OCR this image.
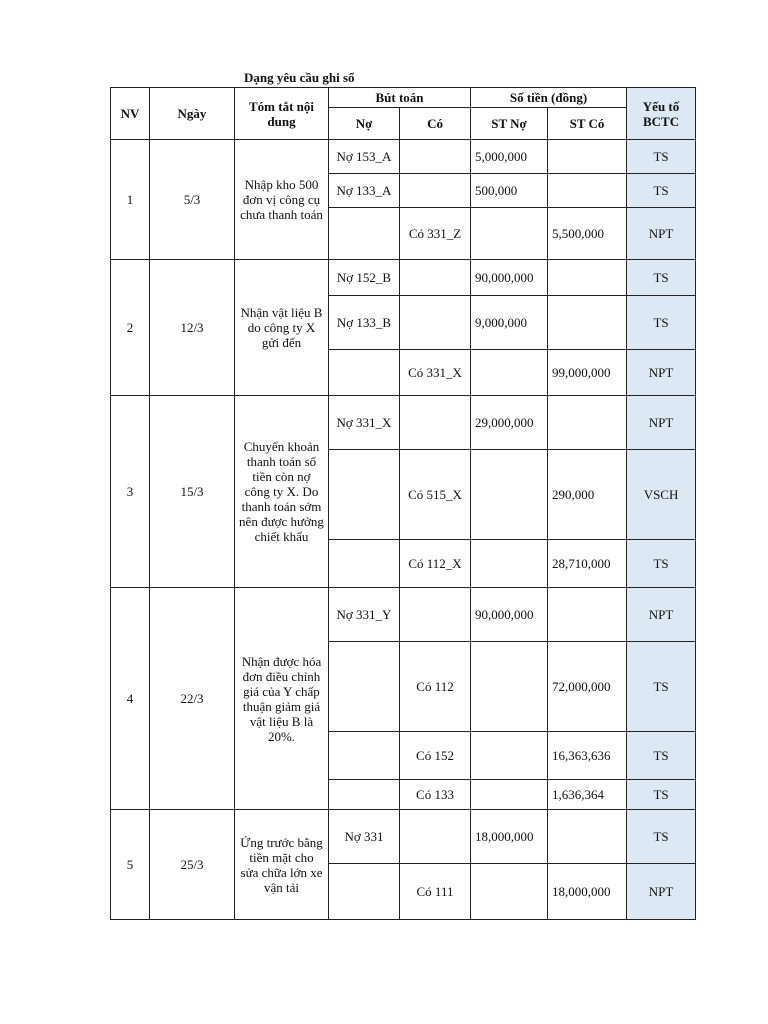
Dạng yêu cầu ghi sổ
NV	Ngày	Tóm tắt nội dung	Bút toán		Số tiền (đồng)		Yếu tố BCTC
			Nợ	Có	ST Nợ	ST Có	
1	5/3	Nhập kho 500 đơn vị công cụ chưa thanh toán	Nợ 153_A		5,000,000		TS
			Nợ 133_A		500,000		TS
				Có 331_Z		5,500,000	NPT
2	12/3	Nhận vật liệu B do công ty X gửi đến	Nợ 152_B		90,000,000		TS
			Nợ 133_B		9,000,000		TS
				Có 331_X		99,000,000	NPT
3	15/3	Chuyển khoản thanh toán số tiền còn nợ công ty X. Do thanh toán sớm nên được hưởng chiết khấu	Nợ 331_X		29,000,000		NPT
				Có 515_X		290,000	VSCH
				Có 112_X		28,710,000	TS
4	22/3	Nhận được hóa đơn điều chỉnh giá của Y chấp thuận giảm giá vật liệu B là 20%.	Nợ 331_Y		90,000,000		NPT
				Có 112		72,000,000	TS
				Có 152		16,363,636	TS
				Có 133		1,636,364	TS
5	25/3	Ứng trước bằng tiền mặt cho sửa chữa lớn xe vận tải	Nợ 331		18,000,000		TS
				Có 111		18,000,000	NPT
